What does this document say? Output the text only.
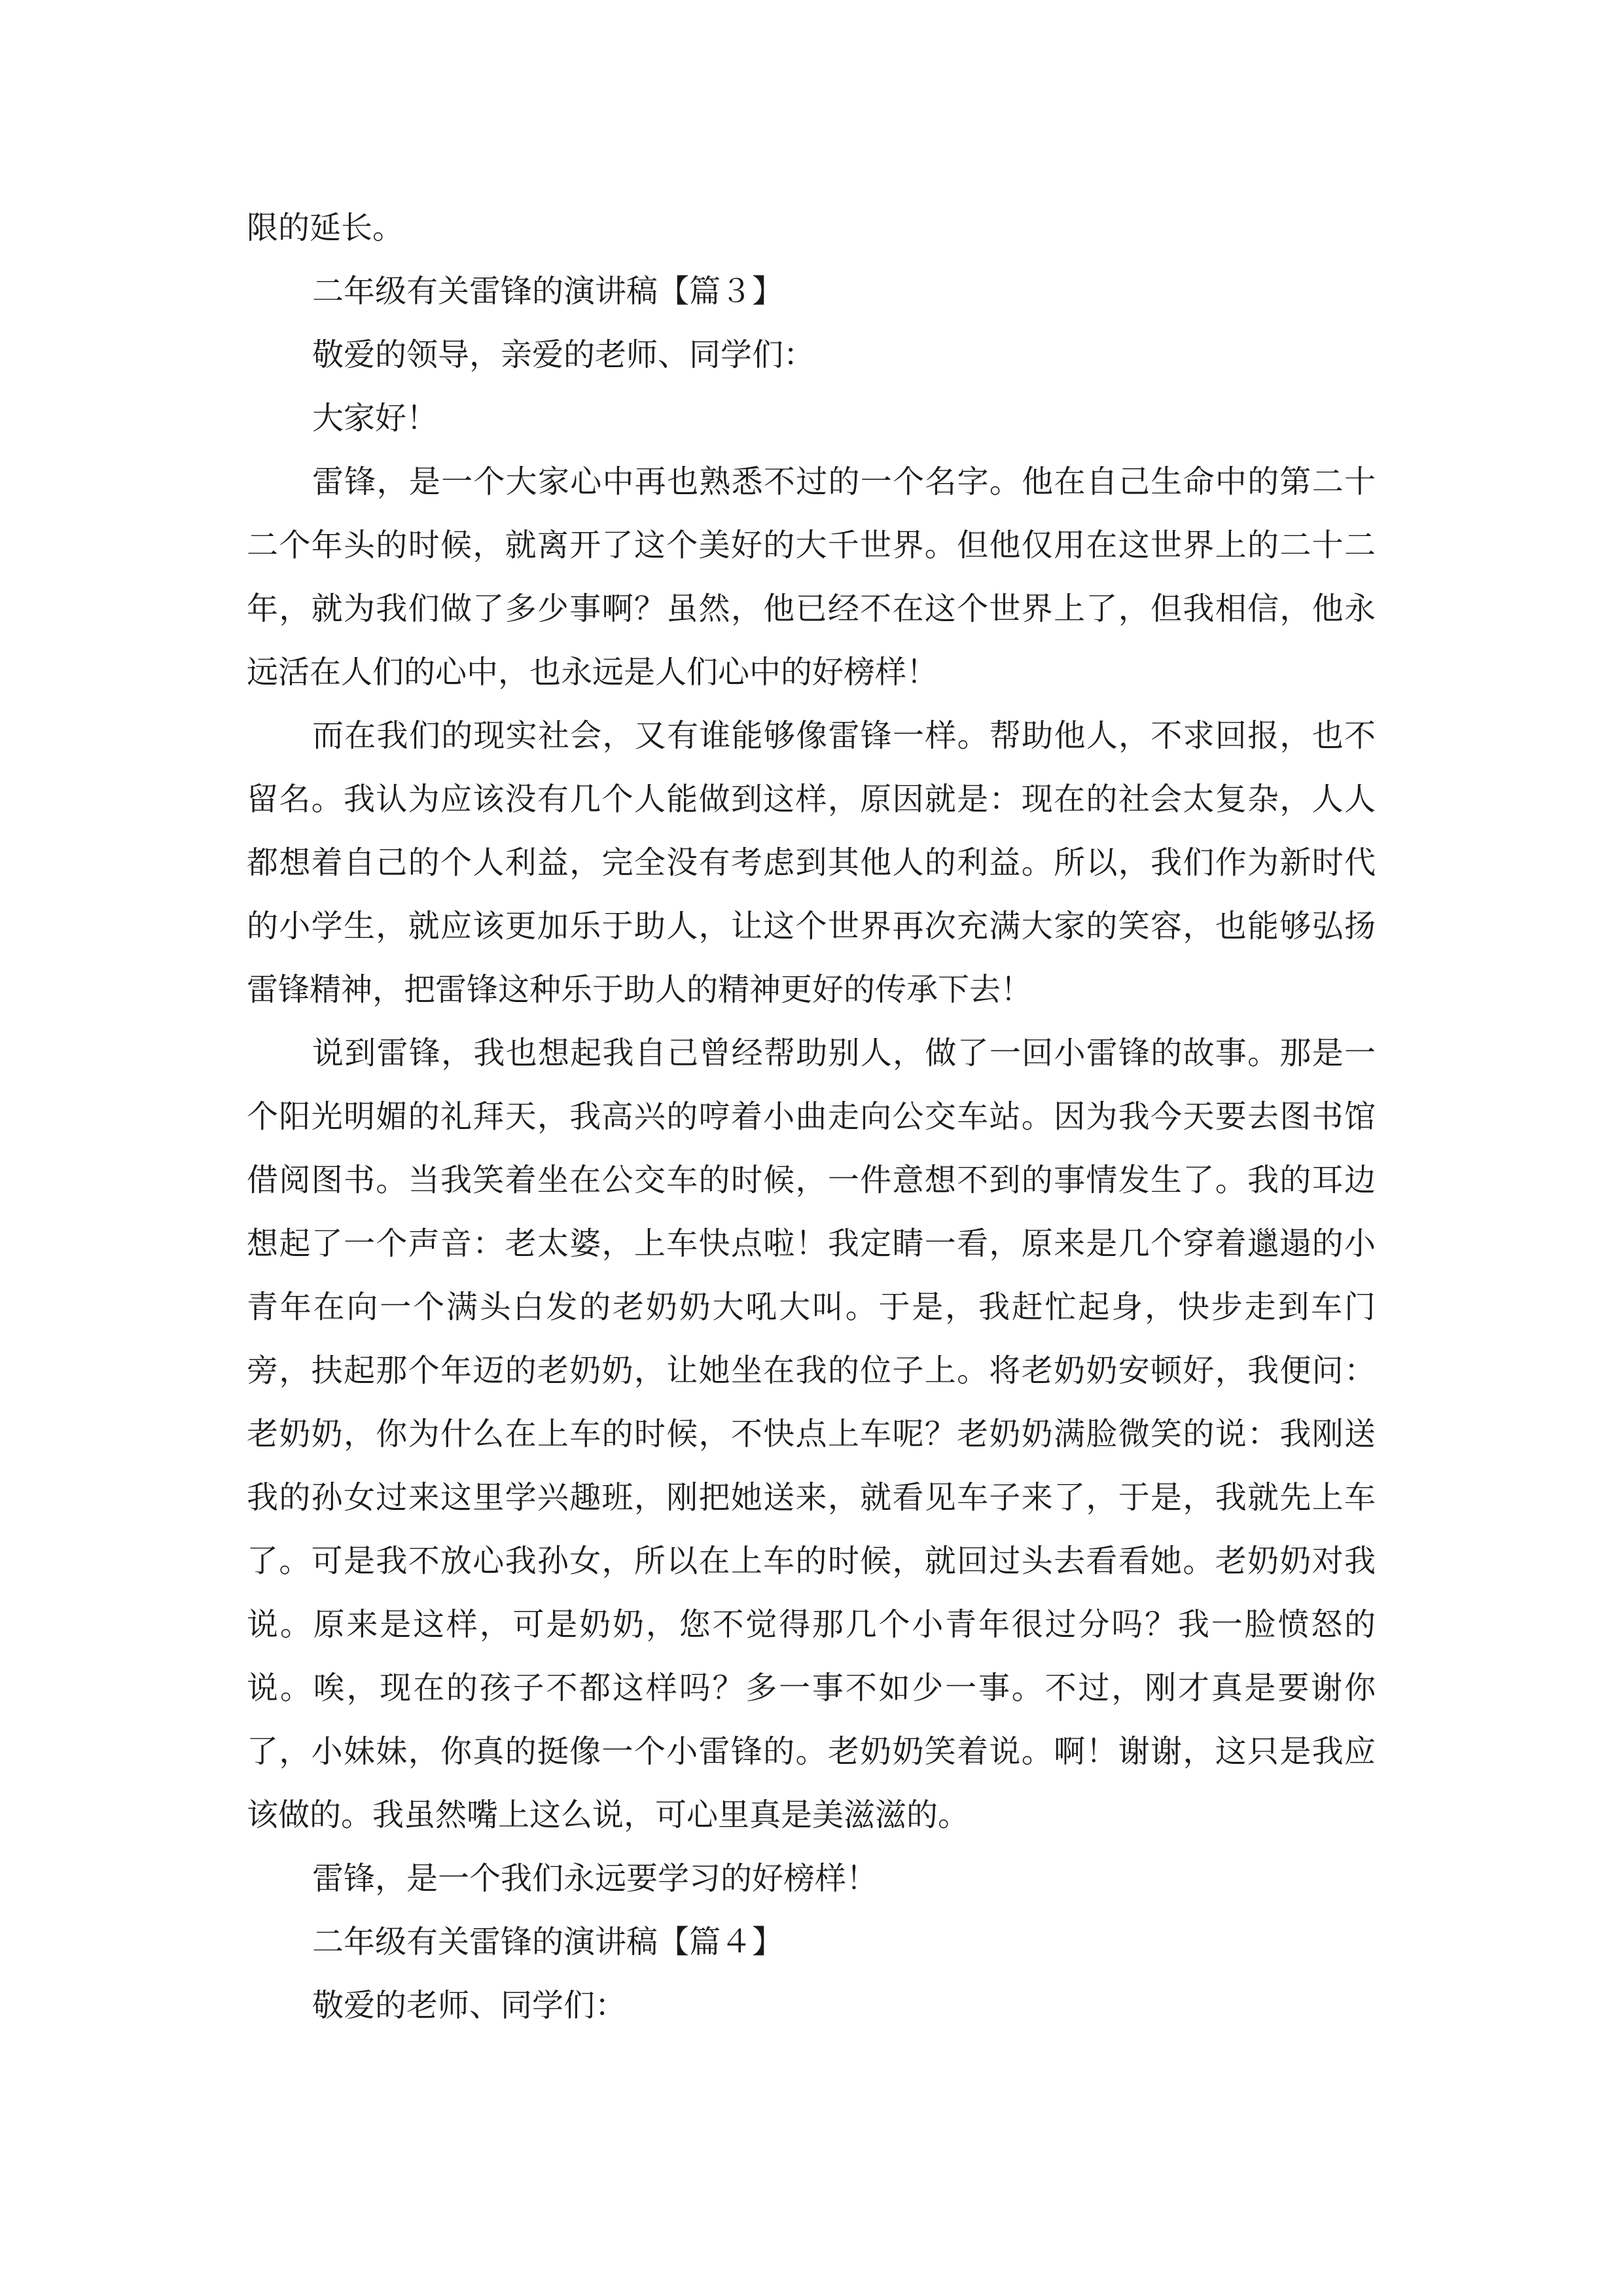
限的延长。

二年级有关雷锋的演讲稿【篇３】

敬爱的领导，亲爱的老师、同学们：

大家好！

雷锋，是一个大家心中再也熟悉不过的一个名字。他在自己生命中的第二十二个年头的时候，就离开了这个美好的大千世界。但他仅用在这世界上的二十二年，就为我们做了多少事啊？虽然，他已经不在这个世界上了，但我相信，他永远活在人们的心中，也永远是人们心中的好榜样！

而在我们的现实社会，又有谁能够像雷锋一样。帮助他人，不求回报，也不留名。我认为应该没有几个人能做到这样，原因就是：现在的社会太复杂，人人都想着自己的个人利益，完全没有考虑到其他人的利益。所以，我们作为新时代的小学生，就应该更加乐于助人，让这个世界再次充满大家的笑容，也能够弘扬雷锋精神，把雷锋这种乐于助人的精神更好的传承下去！

说到雷锋，我也想起我自己曾经帮助别人，做了一回小雷锋的故事。那是一个阳光明媚的礼拜天，我高兴的哼着小曲走向公交车站。因为我今天要去图书馆借阅图书。当我笑着坐在公交车的时候，一件意想不到的事情发生了。我的耳边想起了一个声音：老太婆，上车快点啦！我定睛一看，原来是几个穿着邋遢的小青年在向一个满头白发的老奶奶大吼大叫。于是，我赶忙起身，快步走到车门旁，扶起那个年迈的老奶奶，让她坐在我的位子上。将老奶奶安顿好，我便问：老奶奶，你为什么在上车的时候，不快点上车呢？老奶奶满脸微笑的说：我刚送我的孙女过来这里学兴趣班，刚把她送来，就看见车子来了，于是，我就先上车了。可是我不放心我孙女，所以在上车的时候，就回过头去看看她。老奶奶对我说。原来是这样，可是奶奶，您不觉得那几个小青年很过分吗？我一脸愤怒的说。唉，现在的孩子不都这样吗？多一事不如少一事。不过，刚才真是要谢你了，小妹妹，你真的挺像一个小雷锋的。老奶奶笑着说。啊！谢谢，这只是我应该做的。我虽然嘴上这么说，可心里真是美滋滋的。

雷锋，是一个我们永远要学习的好榜样！

二年级有关雷锋的演讲稿【篇４】

敬爱的老师、同学们：
